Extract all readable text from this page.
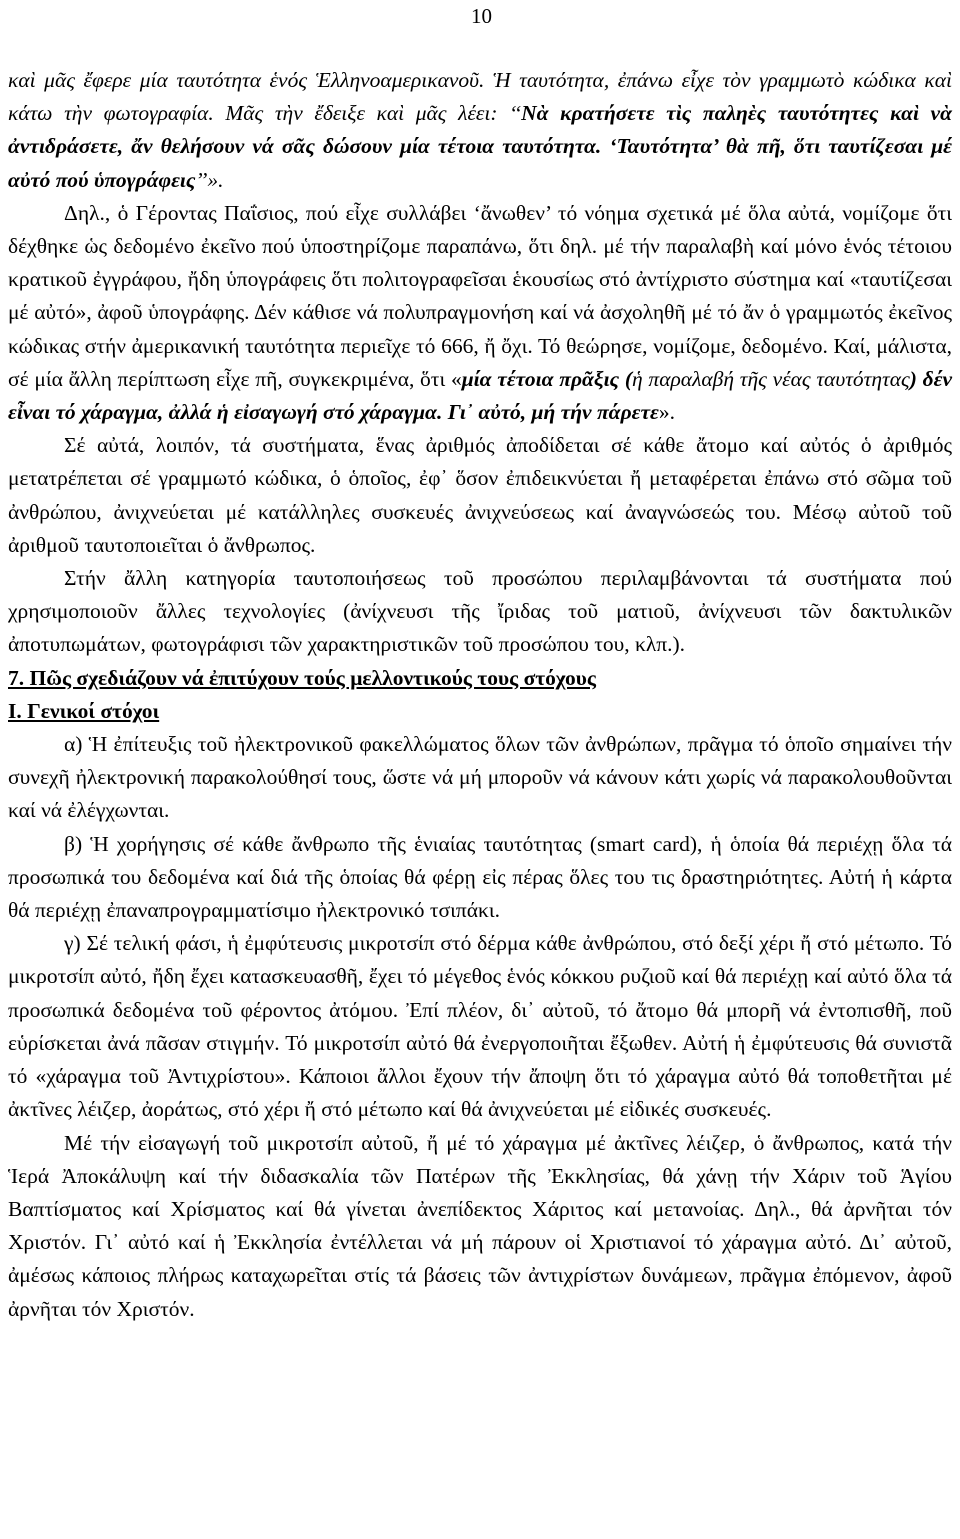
10

καὶ μᾶς ἔφερε μία ταυτότητα ἑνός Ἑλληνοαμερικανοῦ. Ἡ ταυτότητα, ἐπάνω εἶχε τὸν γραμμωτὸ κώδικα καὶ κάτω τὴν φωτογραφία. Μᾶς τὴν ἔδειξε καὶ μᾶς λέει: ‘‘Νὰ κρατήσετε τὶς παληὲς ταυτότητες καὶ νὰ ἀντιδράσετε, ἄν θελήσουν νά σᾶς δώσουν μία τέτοια ταυτότητα. ‘Ταυτότητα’ θὰ πῆ, ὅτι ταυτίζεσαι μέ αὐτό πού ὑπογράφεις’’».

Δηλ., ὁ Γέροντας Παΐσιος, πού εἶχε συλλάβει ‘ἄνωθεν’ τό νόημα σχετικά μέ ὅλα αὐτά, νομίζομε ὅτι δέχθηκε ὡς δεδομένο ἐκεῖνο πού ὑποστηρίζομε παραπάνω, ὅτι δηλ. μέ τήν παραλαβὴ καί μόνο ἑνός τέτοιου κρατικοῦ ἐγγράφου, ἤδη ὑπογράφεις ὅτι πολιτογραφεῖσαι ἑκουσίως στό ἀντίχριστο σύστημα καί «ταυτίζεσαι μέ αὐτό», ἀφοῦ ὑπογράφης. Δέν κάθισε νά πολυπραγμονήση καί νά ἀσχοληθῆ μέ τό ἄν ὁ γραμμωτός ἐκεῖνος κώδικας στήν ἀμερικανική ταυτότητα περιεῖχε τό 666, ἤ ὄχι. Τό θεώρησε, νομίζομε, δεδομένο. Καί, μάλιστα, σέ μία ἄλλη περίπτωση εἶχε πῆ, συγκεκριμένα, ὅτι «μία τέτοια πρᾶξις (ἡ παραλαβή τῆς νέας ταυτότητας) δέν εἶναι τό χάραγμα, ἀλλά ἡ εἰσαγωγή στό χάραγμα. Γι᾽ αὐτό, μή τήν πάρετε».

Σέ αὐτά, λοιπόν, τά συστήματα, ἕνας ἀριθμός ἀποδίδεται σέ κάθε ἄτομο καί αὐτός ὁ ἀριθμός μετατρέπεται σέ γραμμωτό κώδικα, ὁ ὁποῖος, ἐφ᾽ ὅσον ἐπιδεικνύεται ἤ μεταφέρεται ἐπάνω στό σῶμα τοῦ ἀνθρώπου, ἀνιχνεύεται μέ κατάλληλες συσκευές ἀνιχνεύσεως καί ἀναγνώσεώς του. Μέσῳ αὐτοῦ τοῦ ἀριθμοῦ ταυτοποιεῖται ὁ ἄνθρωπος.

Στήν ἄλλη κατηγορία ταυτοποιήσεως τοῦ προσώπου περιλαμβάνονται τά συστήματα πού χρησιμοποιοῦν ἄλλες τεχνολογίες (ἀνίχνευσι τῆς ἴριδας τοῦ ματιοῦ, ἀνίχνευσι τῶν δακτυλικῶν ἀποτυπωμάτων, φωτογράφισι τῶν χαρακτηριστικῶν τοῦ προσώπου του, κλπ.).

7. Πῶς σχεδιάζουν νά ἐπιτύχουν τούς μελλοντικούς τους στόχους

Ι. Γενικοί στόχοι

α) Ἡ ἐπίτευξις τοῦ ἠλεκτρονικοῦ φακελλώματος ὅλων τῶν ἀνθρώπων, πρᾶγμα τό ὁποῖο σημαίνει τήν συνεχῆ ἠλεκτρονική παρακολούθησί τους, ὥστε νά μή μποροῦν νά κάνουν κάτι χωρίς νά παρακολουθοῦνται καί νά ἐλέγχωνται.

β) Ἡ χορήγησις σέ κάθε ἄνθρωπο τῆς ἑνιαίας ταυτότητας (smart card), ἡ ὁποία θά περιέχῃ ὅλα τά προσωπικά του δεδομένα καί διά τῆς ὁποίας θά φέρῃ εἰς πέρας ὅλες του τις δραστηριότητες. Αὐτή ἡ κάρτα θά περιέχῃ ἐπαναπρογραμματίσιμο ἠλεκτρονικό τσιπάκι.

γ) Σέ τελική φάσι, ἡ ἐμφύτευσις μικροτσίπ στό δέρμα κάθε ἀνθρώπου, στό δεξί χέρι ἤ στό μέτωπο. Τό μικροτσίπ αὐτό, ἤδη ἔχει κατασκευασθῆ, ἔχει τό μέγεθος ἑνός κόκκου ρυζιοῦ καί θά περιέχῃ καί αὐτό ὅλα τά προσωπικά δεδομένα τοῦ φέροντος ἀτόμου. Ἐπί πλέον, δι᾽ αὐτοῦ, τό ἄτομο θά μπορῆ νά ἐντοπισθῆ, ποῦ εὑρίσκεται ἀνά πᾶσαν στιγμήν. Τό μικροτσίπ αὐτό θά ἐνεργοποιῆται ἔξωθεν. Αὐτή ἡ ἐμφύτευσις θά συνιστᾶ τό «χάραγμα τοῦ Ἀντιχρίστου». Κάποιοι ἄλλοι ἔχουν τήν ἄποψη ὅτι τό χάραγμα αὐτό θά τοποθετῆται μέ ἀκτῖνες λέιζερ, ἀοράτως, στό χέρι ἤ στό μέτωπο καί θά ἀνιχνεύεται μέ εἰδικές συσκευές.

Μέ τήν εἰσαγωγή τοῦ μικροτσίπ αὐτοῦ, ἤ μέ τό χάραγμα μέ ἀκτῖνες λέιζερ, ὁ ἄνθρωπος, κατά τήν Ἱερά Ἀποκάλυψη καί τήν διδασκαλία τῶν Πατέρων τῆς Ἐκκλησίας, θά χάνῃ τήν Χάριν τοῦ Ἁγίου Βαπτίσματος καί Χρίσματος καί θά γίνεται ἀνεπίδεκτος Χάριτος καί μετανοίας. Δηλ., θά ἀρνῆται τόν Χριστόν. Γι᾽ αὐτό καί ἡ Ἐκκλησία ἐντέλλεται νά μή πάρουν οἱ Χριστιανοί τό χάραγμα αὐτό. Δι᾽ αὐτοῦ, ἀμέσως κάποιος πλήρως καταχωρεῖται στίς τά βάσεις τῶν ἀντιχρίστων δυνάμεων, πρᾶγμα ἐπόμενον, ἀφοῦ ἀρνῆται τόν Χριστόν.
